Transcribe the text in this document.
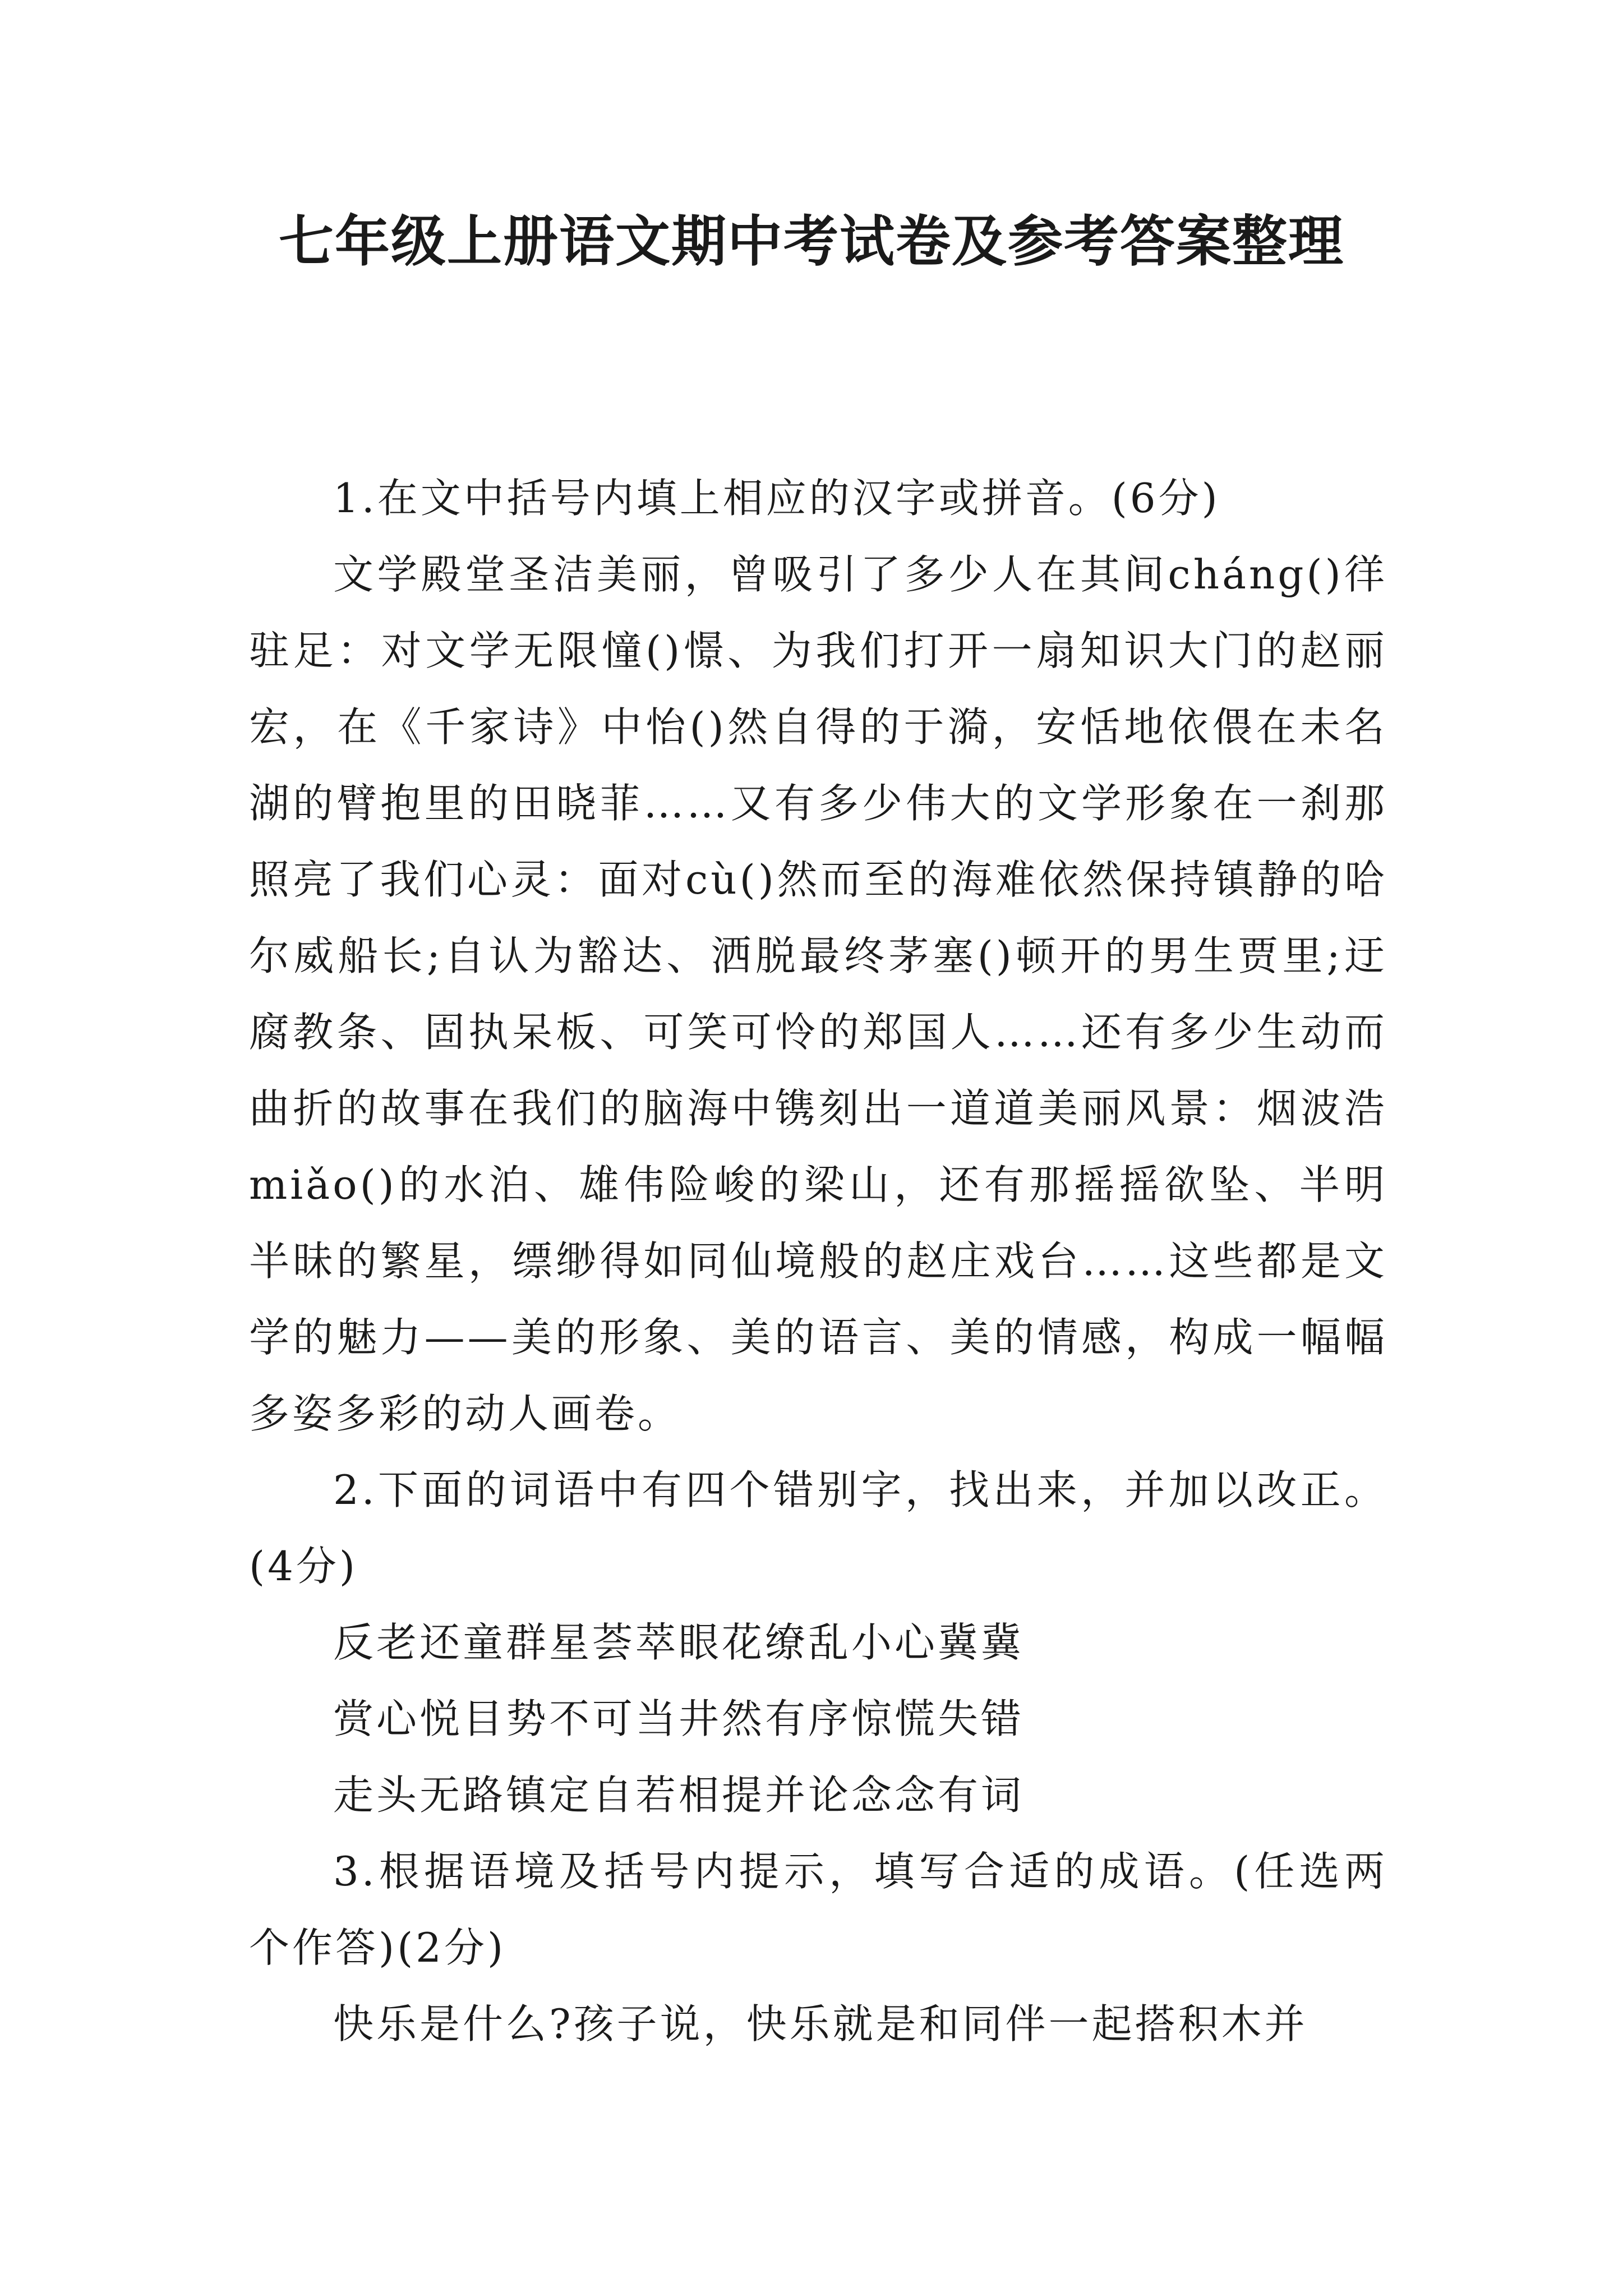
七年级上册语文期中考试卷及参考答案整理

1.在文中括号内填上相应的汉字或拼音。(6分)

文学殿堂圣洁美丽，曾吸引了多少人在其间cháng()徉驻足：对文学无限憧()憬、为我们打开一扇知识大门的赵丽宏，在《千家诗》中怡()然自得的于漪，安恬地依偎在未名湖的臂抱里的田晓菲……又有多少伟大的文学形象在一刹那照亮了我们心灵：面对cù()然而至的海难依然保持镇静的哈尔威船长;自认为豁达、洒脱最终茅塞()顿开的男生贾里;迂腐教条、固执呆板、可笑可怜的郑国人……还有多少生动而曲折的故事在我们的脑海中镌刻出一道道美丽风景：烟波浩miǎo()的水泊、雄伟险峻的梁山，还有那摇摇欲坠、半明半昧的繁星，缥缈得如同仙境般的赵庄戏台……这些都是文学的魅力——美的形象、美的语言、美的情感，构成一幅幅多姿多彩的动人画卷。

2.下面的词语中有四个错别字，找出来，并加以改正。(4分)

反老还童群星荟萃眼花缭乱小心冀冀

赏心悦目势不可当井然有序惊慌失错

走头无路镇定自若相提并论念念有词

3.根据语境及括号内提示，填写合适的成语。(任选两个作答)(2分)

快乐是什么?孩子说，快乐就是和同伴一起搭积木并
